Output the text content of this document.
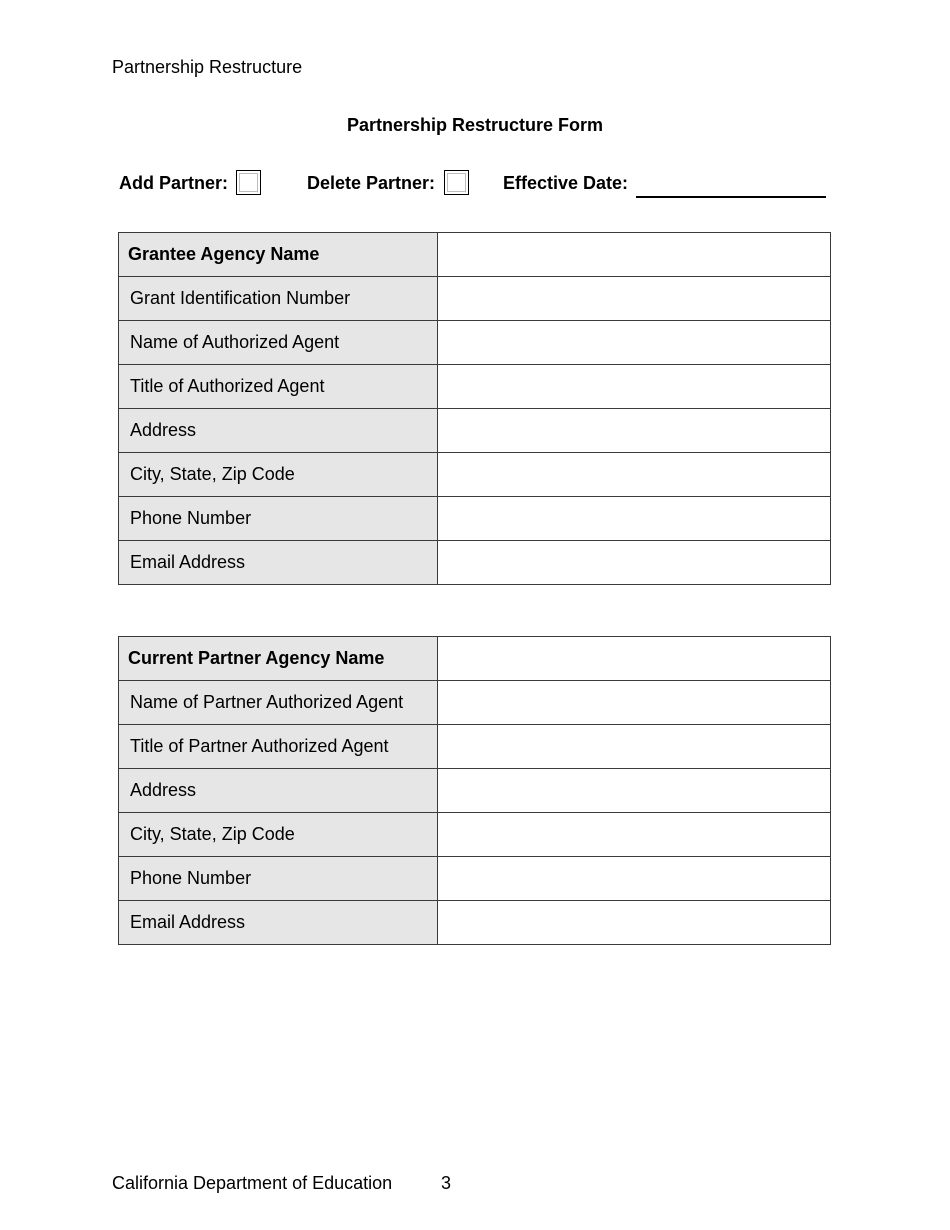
Partnership Restructure
Partnership Restructure Form
Add Partner:	Delete Partner:	Effective Date:
Grantee Agency Name	
Grant Identification Number	
Name of Authorized Agent	
Title of Authorized Agent	
Address	
City, State, Zip Code	
Phone Number	
Email Address	
Current Partner Agency Name	
Name of Partner Authorized Agent	
Title of Partner Authorized Agent	
Address	
City, State, Zip Code	
Phone Number	
Email Address	
California Department of Education	3
